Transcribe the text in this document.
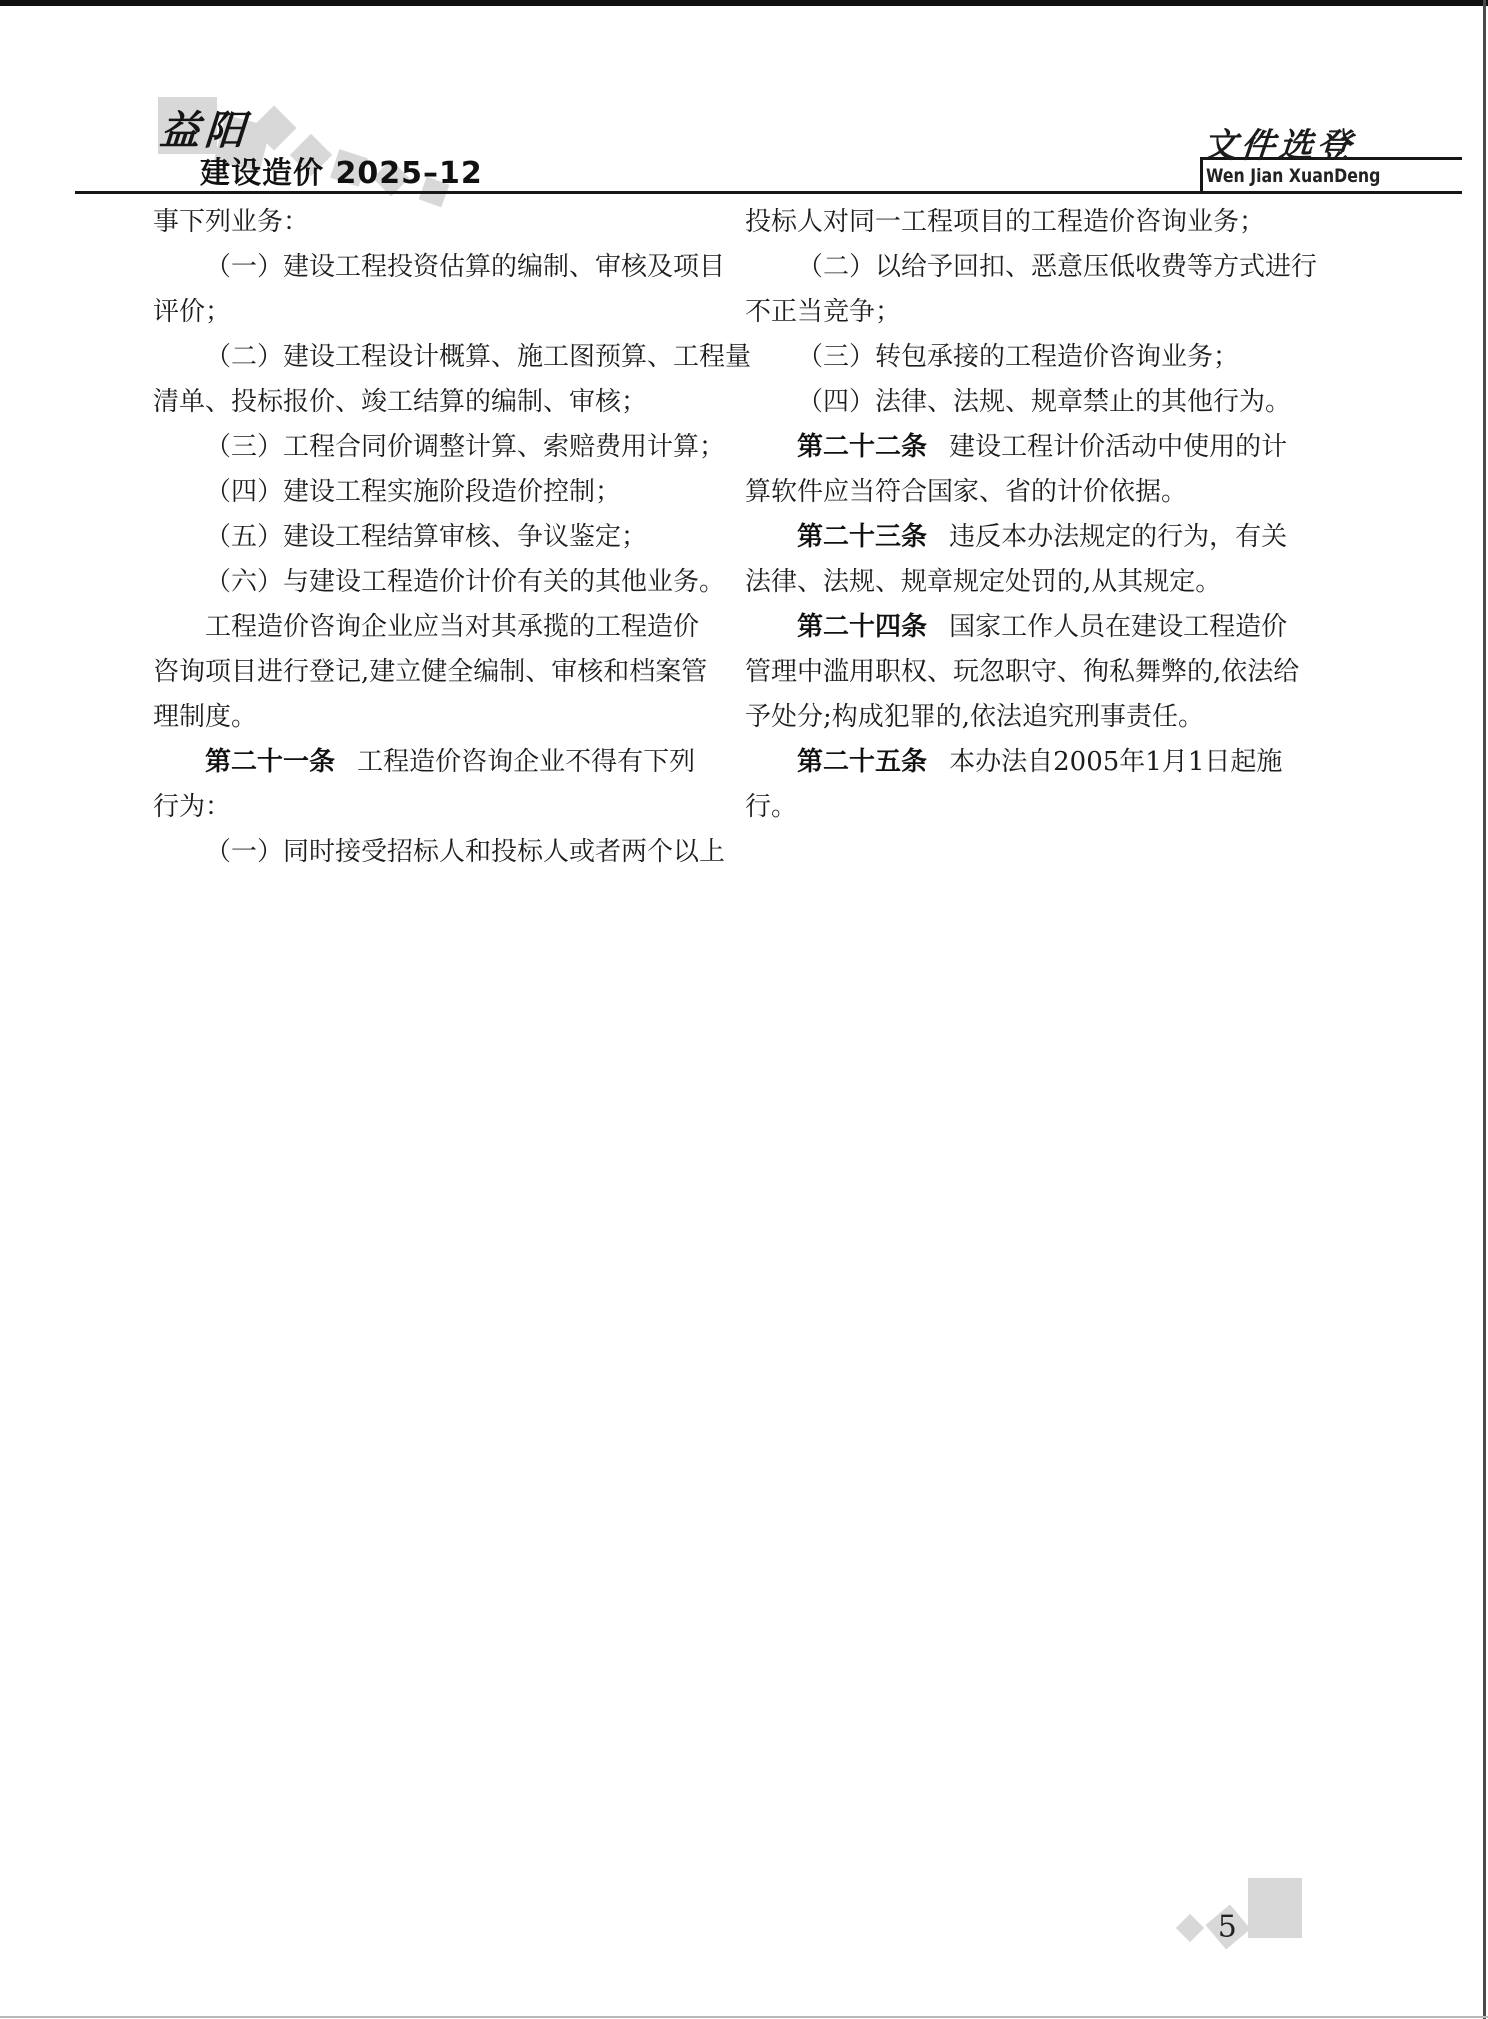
益阳
建设造价 2025–12
文件选登
Wen Jian XuanDeng
事下列业务：
（一）建设工程投资估算的编制、审核及项目
评价；
（二）建设工程设计概算、施工图预算、工程量
清单、投标报价、竣工结算的编制、审核；
（三）工程合同价调整计算、索赔费用计算；
（四）建设工程实施阶段造价控制；
（五）建设工程结算审核、争议鉴定；
（六）与建设工程造价计价有关的其他业务。
工程造价咨询企业应当对其承揽的工程造价
咨询项目进行登记,建立健全编制、审核和档案管
理制度。
第二十一条 工程造价咨询企业不得有下列
行为：
（一）同时接受招标人和投标人或者两个以上
投标人对同一工程项目的工程造价咨询业务；
（二）以给予回扣、恶意压低收费等方式进行
不正当竞争；
（三）转包承接的工程造价咨询业务；
（四）法律、法规、规章禁止的其他行为。
第二十二条 建设工程计价活动中使用的计
算软件应当符合国家、省的计价依据。
第二十三条 违反本办法规定的行为，有关
法律、法规、规章规定处罚的,从其规定。
第二十四条 国家工作人员在建设工程造价
管理中滥用职权、玩忽职守、徇私舞弊的,依法给
予处分;构成犯罪的,依法追究刑事责任。
第二十五条 本办法自2005年1月1日起施
行。
5
